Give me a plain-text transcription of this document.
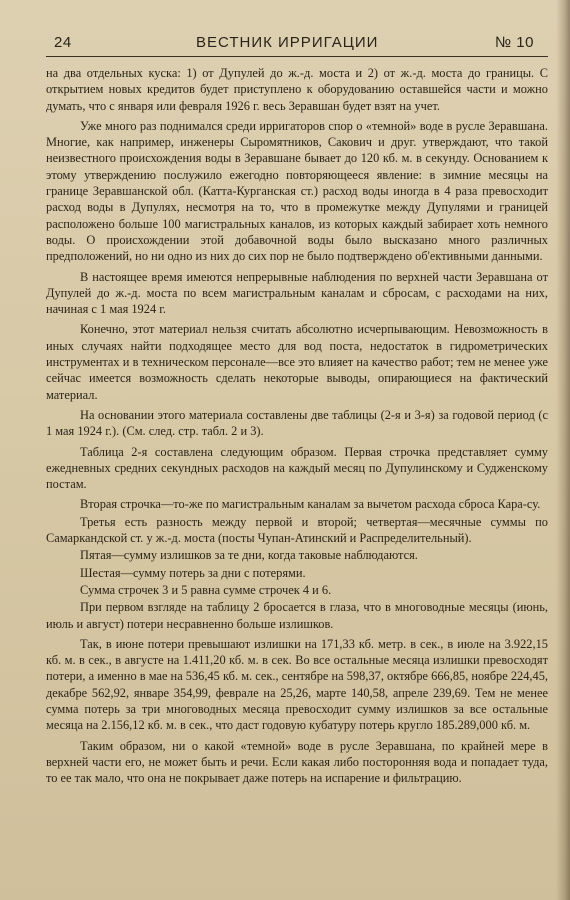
24	ВЕСТНИК ИРРИГАЦИИ	№ 10

на два отдельных куска: 1) от Дупулей до ж.-д. моста и 2) от ж.-д. моста до границы. С открытием новых кредитов будет приступлено к оборудованию оставшейся части и можно думать, что с января или февраля 1926 г. весь Зеравшан будет взят на учет.

Уже много раз поднимался среди ирригаторов спор о «темной» воде в русле Зеравшана. Многие, как например, инженеры Сыромятников, Сакович и друг. утверждают, что такой неизвестного происхождения воды в Зеравшане бывает до 120 кб. м. в секунду. Основанием к этому утверждению послужило ежегодно повторяющееся явление: в зимние месяцы на границе Зеравшанской обл. (Катта-Курганская ст.) расход воды иногда в 4 раза превосходит расход воды в Дупулях, несмотря на то, что в промежутке между Дупулями и границей расположено больше 100 магистральных каналов, из которых каждый забирает хоть немного воды. О происхождении этой добавочной воды было высказано много различных предположений, но ни одно из них до сих пор не было подтверждено об'ективными данными.

В настоящее время имеются непрерывные наблюдения по верхней части Зеравшана от Дупулей до ж.-д. моста по всем магистральным каналам и сбросам, с расходами на них, начиная с 1 мая 1924 г.

Конечно, этот материал нельзя считать абсолютно исчерпывающим. Невозможность в иных случаях найти подходящее место для вод поста, недостаток в гидрометрических инструментах и в техническом персонале—все это влияет на качество работ; тем не менее уже сейчас имеется возможность сделать некоторые выводы, опирающиеся на фактический материал.

На основании этого материала составлены две таблицы (2-я и 3-я) за годовой период (с 1 мая 1924 г.). (См. след. стр. табл. 2 и 3).

Таблица 2-я составлена следующим образом. Первая строчка представляет сумму ежедневных средних секундных расходов на каждый месяц по Дупулинскому и Судженскому постам.

Вторая строчка—то-же по магистральным каналам за вычетом расхода сброса Кара-су.

Третья есть разность между первой и второй; четвертая—месячные суммы по Самаркандской ст. у ж.-д. моста (посты Чупан-Атинский и Распределительный).

Пятая—сумму излишков за те дни, когда таковые наблюдаются.

Шестая—сумму потерь за дни с потерями.

Сумма строчек 3 и 5 равна сумме строчек 4 и 6.

При первом взгляде на таблицу 2 бросается в глаза, что в многоводные месяцы (июнь, июль и август) потери несравненно больше излишков.

Так, в июне потери превышают излишки на 171,33 кб. метр. в сек., в июле на 3.922,15 кб. м. в сек., в августе на 1.411,20 кб. м. в сек. Во все остальные месяца излишки превосходят потери, а именно в мае на 536,45 кб. м. сек., сентябре на 598,37, октябре 666,85, ноябре 224,45, декабре 562,92, январе 354,99, феврале на 25,26, марте 140,58, апреле 239,69. Тем не менее сумма потерь за три многоводных месяца превосходит сумму излишков за все остальные месяца на 2.156,12 кб. м. в сек., что даст годовую кубатуру потерь кругло 185.289,000 кб. м.

Таким образом, ни о какой «темной» воде в русле Зеравшана, по крайней мере в верхней части его, не может быть и речи. Если какая либо посторонняя вода и попадает туда, то ее так мало, что она не покрывает даже потерь на испарение и фильтрацию.
